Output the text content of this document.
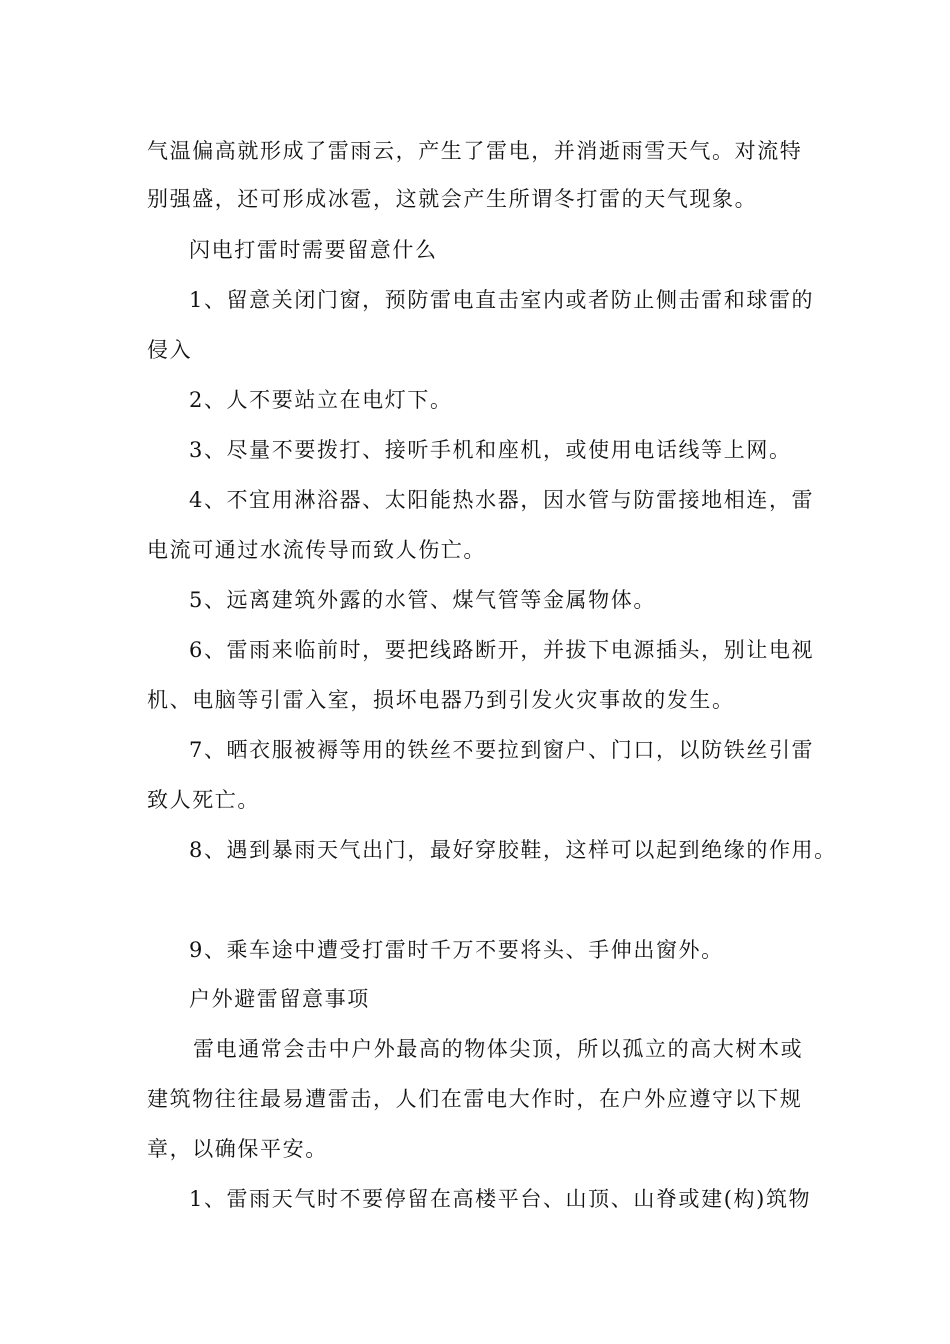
气温偏高就形成了雷雨云，产生了雷电，并消逝雨雪天气。对流特
别强盛，还可形成冰雹，这就会产生所谓冬打雷的天气现象。
闪电打雷时需要留意什么
1、留意关闭门窗，预防雷电直击室内或者防止侧击雷和球雷的
侵入
2、人不要站立在电灯下。
3、尽量不要拨打、接听手机和座机，或使用电话线等上网。
4、不宜用淋浴器、太阳能热水器，因水管与防雷接地相连，雷
电流可通过水流传导而致人伤亡。
5、远离建筑外露的水管、煤气管等金属物体。
6、雷雨来临前时，要把线路断开，并拔下电源插头，别让电视
机、电脑等引雷入室，损坏电器乃到引发火灾事故的发生。
7、晒衣服被褥等用的铁丝不要拉到窗户、门口，以防铁丝引雷
致人死亡。
8、遇到暴雨天气出门，最好穿胶鞋，这样可以起到绝缘的作用。
9、乘车途中遭受打雷时千万不要将头、手伸出窗外。
户外避雷留意事项
雷电通常会击中户外最高的物体尖顶，所以孤立的高大树木或
建筑物往往最易遭雷击，人们在雷电大作时，在户外应遵守以下规
章，以确保平安。
1、雷雨天气时不要停留在高楼平台、山顶、山脊或建(构)筑物
